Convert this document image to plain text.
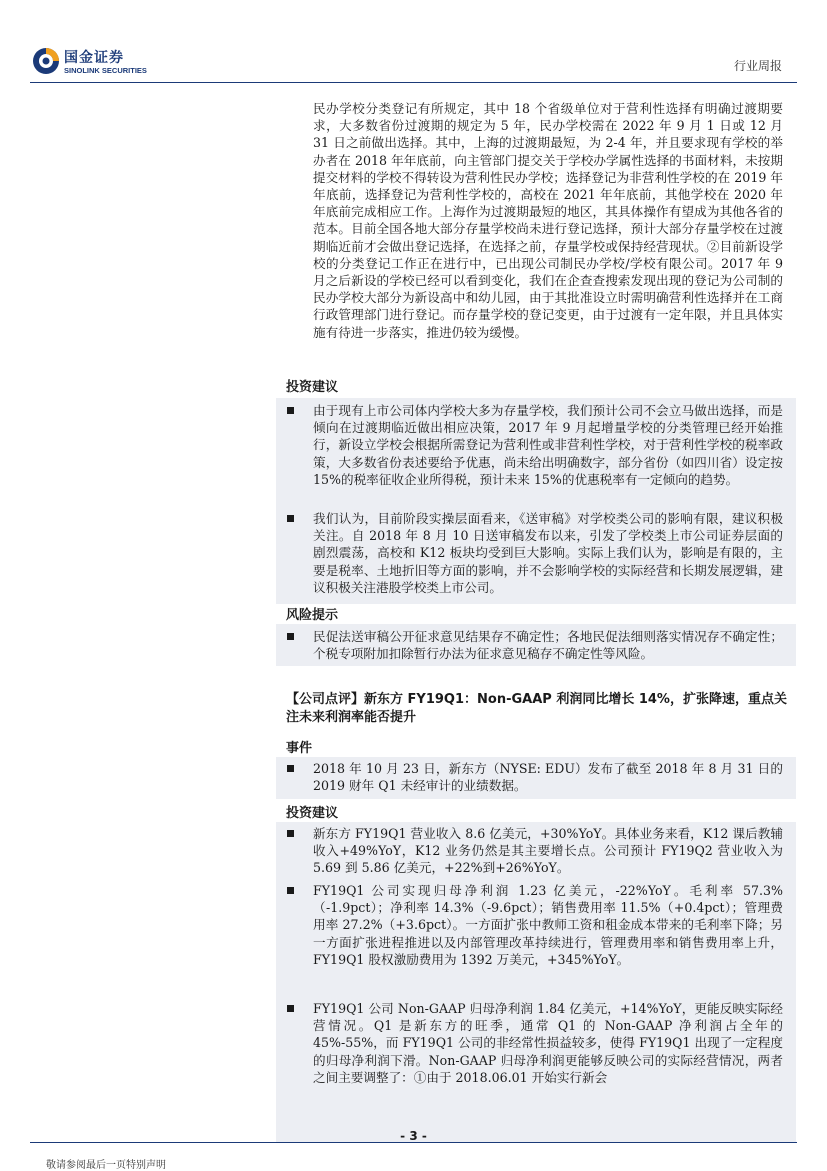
国金证券
SINOLINK SECURITIES	行业周报

民办学校分类登记有所规定，其中 18 个省级单位对于营利性选择有明确过渡期要求，大多数省份过渡期的规定为 5 年，民办学校需在 2022 年 9 月 1 日或 12 月 31 日之前做出选择。其中，上海的过渡期最短，为 2-4 年，并且要求现有学校的举办者在 2018 年年底前，向主管部门提交关于学校办学属性选择的书面材料，未按期提交材料的学校不得转设为营利性民办学校；选择登记为非营利性学校的在 2019 年年底前，选择登记为营利性学校的，高校在 2021 年年底前，其他学校在 2020 年年底前完成相应工作。上海作为过渡期最短的地区，其具体操作有望成为其他各省的范本。目前全国各地大部分存量学校尚未进行登记选择，预计大部分存量学校在过渡期临近前才会做出登记选择，在选择之前，存量学校或保持经营现状。②目前新设学校的分类登记工作正在进行中，已出现公司制民办学校/学校有限公司。2017 年 9 月之后新设的学校已经可以看到变化，我们在企查查搜索发现出现的登记为公司制的民办学校大部分为新设高中和幼儿园，由于其批准设立时需明确营利性选择并在工商行政管理部门进行登记。而存量学校的登记变更，由于过渡有一定年限，并且具体实施有待进一步落实，推进仍较为缓慢。

投资建议

由于现有上市公司体内学校大多为存量学校，我们预计公司不会立马做出选择，而是倾向在过渡期临近做出相应决策，2017 年 9 月起增量学校的分类管理已经开始推行，新设立学校会根据所需登记为营利性或非营利性学校，对于营利性学校的税率政策，大多数省份表述要给予优惠，尚未给出明确数字，部分省份（如四川省）设定按 15%的税率征收企业所得税，预计未来 15%的优惠税率有一定倾向的趋势。

我们认为，目前阶段实操层面看来，《送审稿》对学校类公司的影响有限，建议积极关注。自 2018 年 8 月 10 日送审稿发布以来，引发了学校类上市公司证券层面的剧烈震荡，高校和 K12 板块均受到巨大影响。实际上我们认为，影响是有限的，主要是税率、土地折旧等方面的影响，并不会影响学校的实际经营和长期发展逻辑，建议积极关注港股学校类上市公司。

风险提示

民促法送审稿公开征求意见结果存不确定性；各地民促法细则落实情况存不确定性；个税专项附加扣除暂行办法为征求意见稿存不确定性等风险。

【公司点评】新东方 FY19Q1：Non-GAAP 利润同比增长 14%，扩张降速，重点关注未来利润率能否提升
事件

2018 年 10 月 23 日，新东方（NYSE: EDU）发布了截至 2018 年 8 月 31 日的 2019 财年 Q1 未经审计的业绩数据。

投资建议

新东方 FY19Q1 营业收入 8.6 亿美元，+30%YoY。具体业务来看，K12 课后教辅收入+49%YoY，K12 业务仍然是其主要增长点。公司预计 FY19Q2 营业收入为 5.69 到 5.86 亿美元，+22%到+26%YoY。

FY19Q1 公司实现归母净利润 1.23 亿美元，-22%YoY。毛利率 57.3%（-1.9pct）；净利率 14.3%（-9.6pct）；销售费用率 11.5%（+0.4pct）；管理费用率 27.2%（+3.6pct）。一方面扩张中教师工资和租金成本带来的毛利率下降；另一方面扩张进程推进以及内部管理改革持续进行，管理费用率和销售费用率上升，FY19Q1 股权激励费用为 1392 万美元，+345%YoY。

FY19Q1 公司 Non-GAAP 归母净利润 1.84 亿美元，+14%YoY，更能反映实际经营情况。Q1 是新东方的旺季，通常 Q1 的 Non-GAAP 净利润占全年的 45%-55%，而 FY19Q1 公司的非经常性损益较多，使得 FY19Q1 出现了一定程度的归母净利润下滑。Non-GAAP 归母净利润更能够反映公司的实际经营情况，两者之间主要调整了：①由于 2018.06.01 开始实行新会

- 3 -
敬请参阅最后一页特别声明
